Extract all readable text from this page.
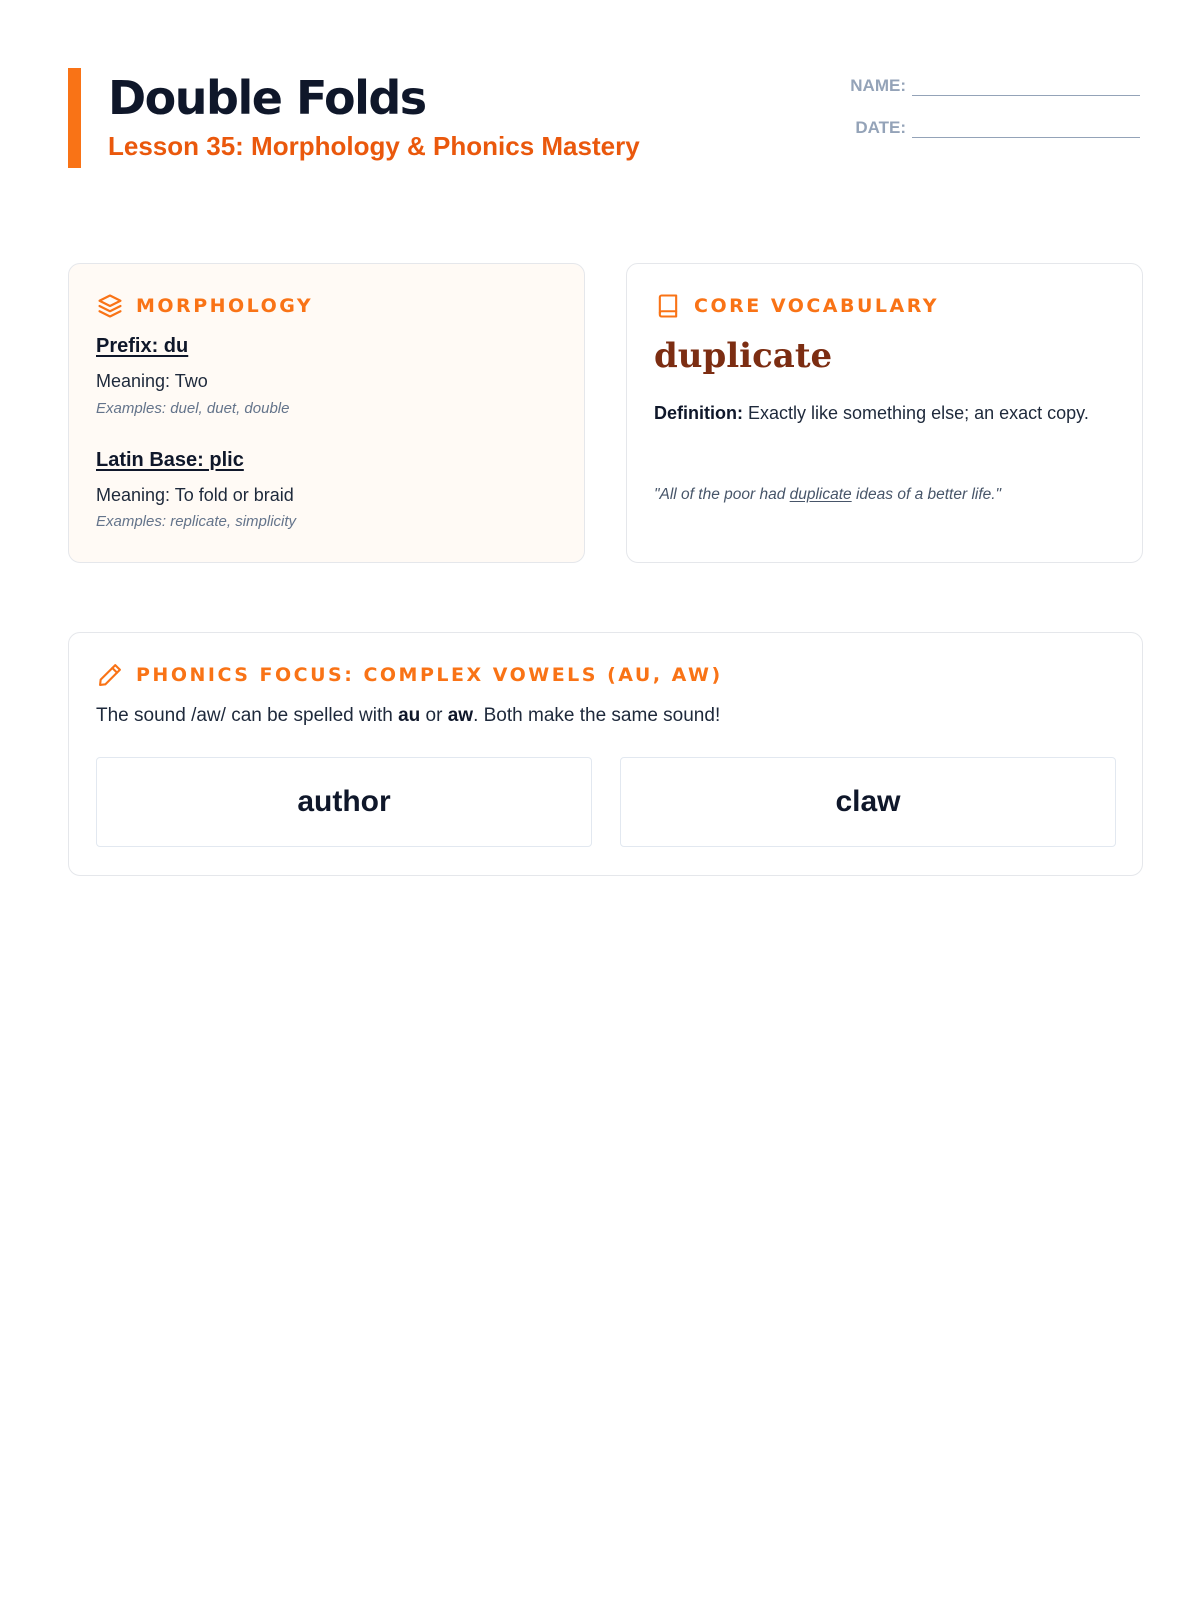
Double Folds
Lesson 35: Morphology & Phonics Mastery
NAME:
DATE:
MORPHOLOGY
Prefix: du
Meaning: Two
Examples: duel, duet, double
Latin Base: plic
Meaning: To fold or braid
Examples: replicate, simplicity
CORE VOCABULARY
duplicate
Definition: Exactly like something else; an exact copy.
"All of the poor had duplicate ideas of a better life."
PHONICS FOCUS: COMPLEX VOWELS (AU, AW)
The sound /aw/ can be spelled with au or aw. Both make the same sound!
author	claw
